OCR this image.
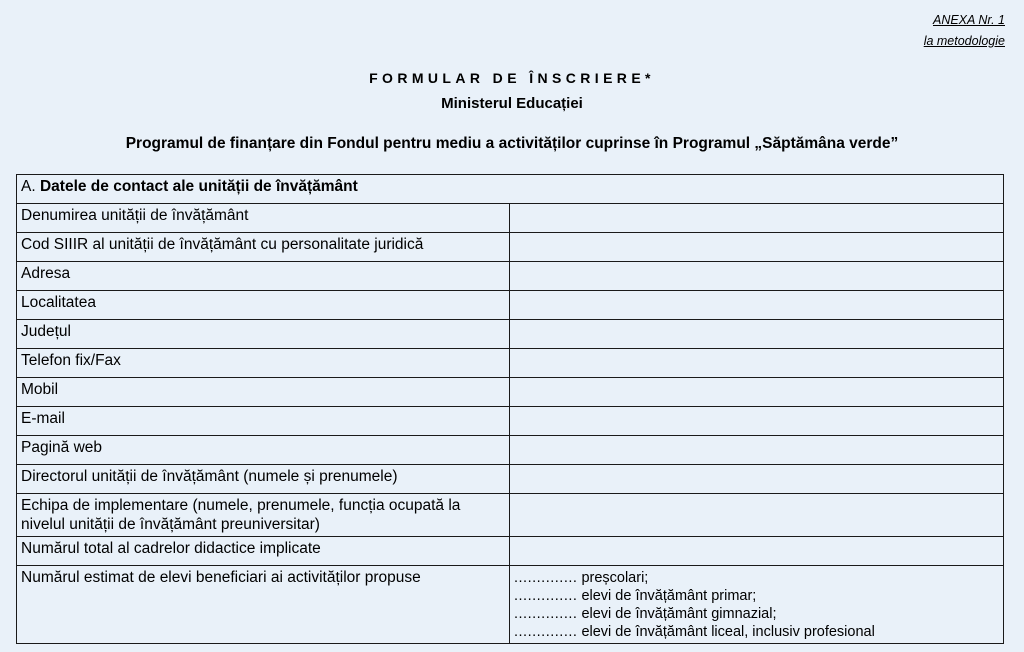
ANEXA Nr. 1
la metodologie
FORMULAR DE ÎNSCRIERE*
Ministerul Educației
Programul de finanțare din Fondul pentru mediu a activităților cuprinse în Programul „Săptămâna verde”
A. Datele de contact ale unității de învățământ	
Denumirea unității de învățământ	
Cod SIIIR al unității de învățământ cu personalitate juridică	
Adresa	
Localitatea	
Județul	
Telefon fix/Fax	
Mobil	
E-mail	
Pagină web	
Directorul unității de învățământ (numele și prenumele)	
Echipa de implementare (numele, prenumele, funcția ocupată la nivelul unității de învățământ preuniversitar)	
Numărul total al cadrelor didactice implicate	
Numărul estimat de elevi beneficiari ai activităților propuse	.............. preșcolari;
.............. elevi de învățământ primar;
.............. elevi de învățământ gimnazial;
.............. elevi de învățământ liceal, inclusiv profesional
